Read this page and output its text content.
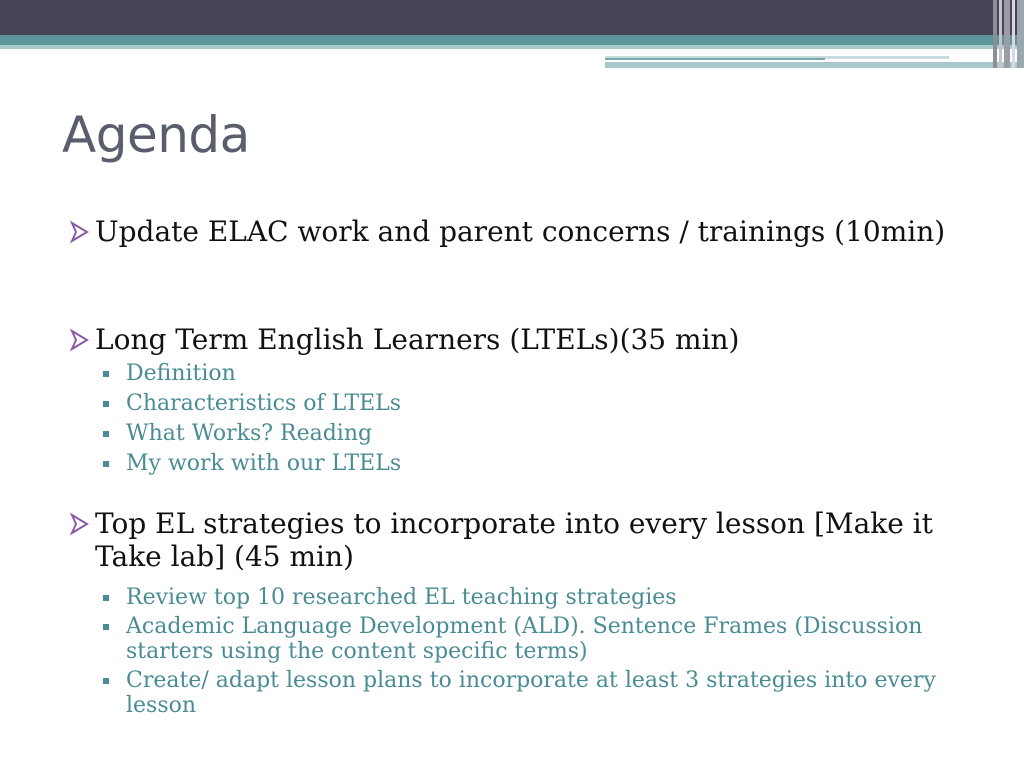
Agenda
Update ELAC work and parent concerns / trainings (10min)
Long Term English Learners (LTELs)(35 min)
Definition
Characteristics of LTELs
What Works? Reading
My work with our LTELs
Top EL strategies to incorporate into every lesson [Make it Take lab] (45 min)
Review top 10 researched EL teaching strategies
Academic Language Development (ALD). Sentence Frames (Discussion starters using the content specific terms)
Create/ adapt lesson plans to incorporate at least 3 strategies into every lesson
